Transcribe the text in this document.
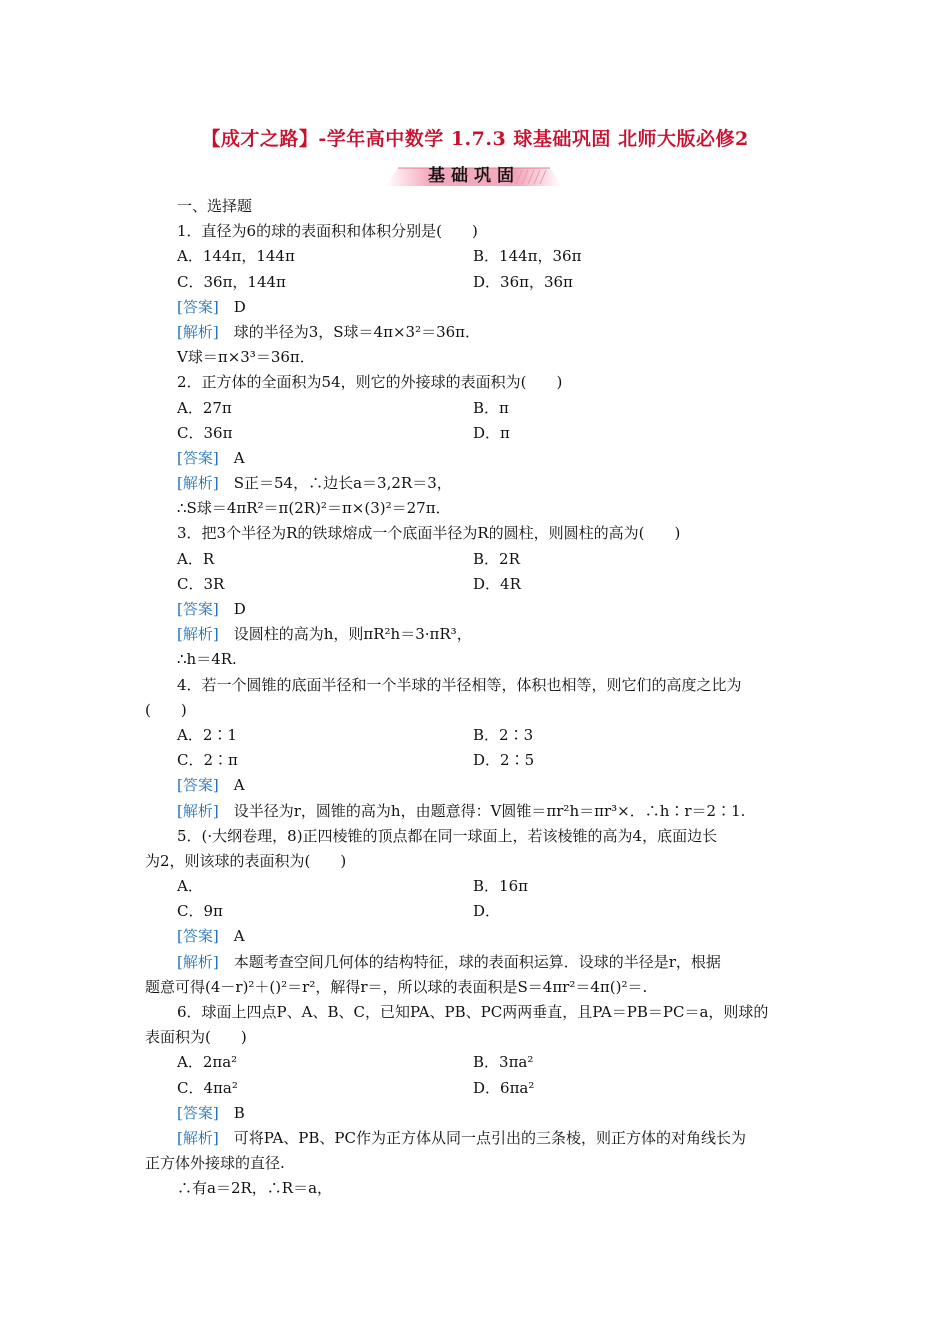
【成才之路】-学年高中数学 1.7.3 球基础巩固 北师大版必修2
基础巩固
一、选择题
1．直径为6的球的表面积和体积分别是(　　)
A．144π，144π	B．144π，36π
C．36π，144π	D．36π，36π
[答案]　 D
[解析]　 球的半径为3，S球＝4π×3²＝36π．
V球＝π×3³＝36π．
2．正方体的全面积为54，则它的外接球的表面积为(　　)
A．27π	B．π
C．36π	D．π
[答案]　 A
[解析]　 S正＝54，∴边长a＝3,2R＝3，
∴S球＝4πR²＝π(2R)²＝π×(3)²＝27π．
3．把3个半径为R的铁球熔成一个底面半径为R的圆柱，则圆柱的高为(　　)
A．R	B．2R
C．3R	D．4R
[答案]　 D
[解析]　 设圆柱的高为h，则πR²h＝3·πR³，
∴h＝4R.
4．若一个圆锥的底面半径和一个半球的半径相等，体积也相等，则它们的高度之比为
(　　)
A．2∶1	B．2∶3
C．2∶π	D．2∶5
[答案]　 A
[解析]　 设半径为r，圆锥的高为h，由题意得：V圆锥＝πr²h＝πr³×．∴h∶r＝2∶1.
5．(·大纲卷理，8)正四棱锥的顶点都在同一球面上，若该棱锥的高为4，底面边长
为2，则该球的表面积为(　　)
A．	B．16π
C．9π	D．
[答案]　 A
[解析]　 本题考查空间几何体的结构特征，球的表面积运算．设球的半径是r，根据
题意可得(4－r)²＋()²＝r²，解得r＝，所以球的表面积是S＝4πr²＝4π()²＝.
6．球面上四点P、A、B、C，已知PA、PB、PC两两垂直，且PA＝PB＝PC＝a，则球的
表面积为(　　)
A．2πa²	B．3πa²
C．4πa²	D．6πa²
[答案]　 B
[解析]　 可将PA、PB、PC作为正方体从同一点引出的三条棱，则正方体的对角线长为
正方体外接球的直径.
∴有a＝2R，∴R＝a，
